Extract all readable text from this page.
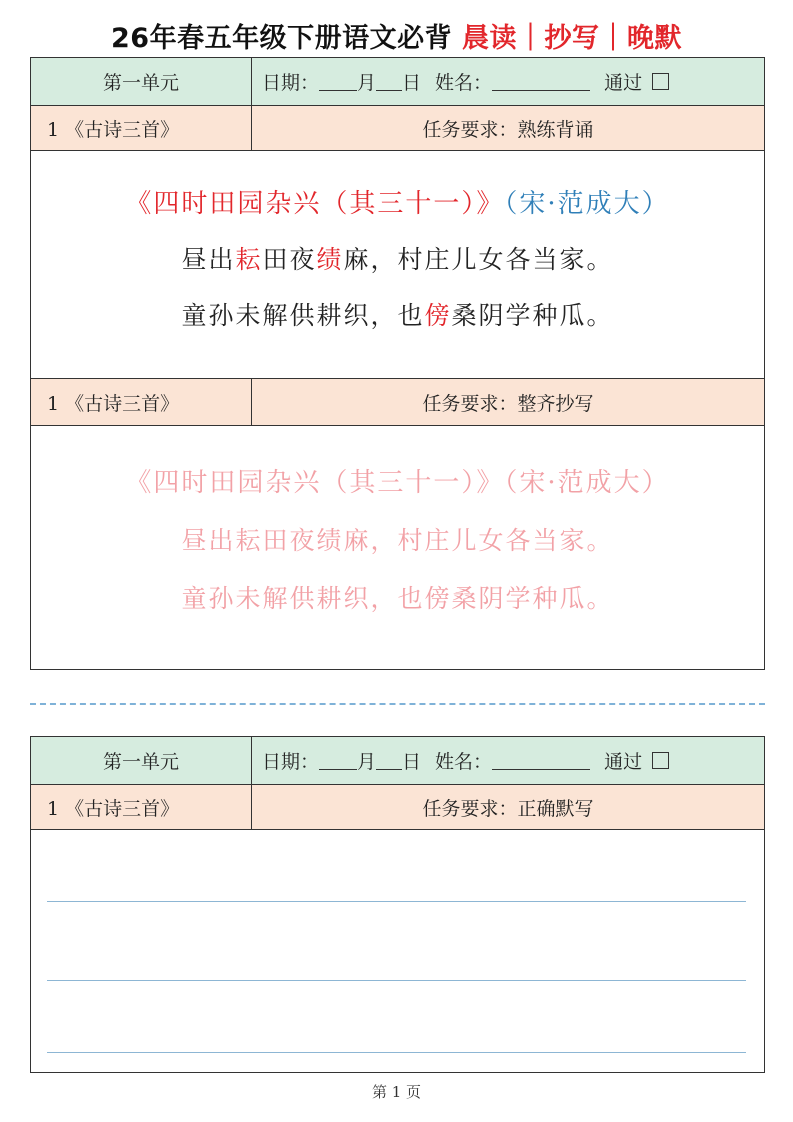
26年春五年级下册语文必背 晨读｜抄写｜晚默
第一单元	日期： 月 日 姓名：	通过
1 《古诗三首》	任务要求：熟练背诵
《四时田园杂兴（其三十一）》（宋·范成大）
昼出耘田夜绩麻，村庄儿女各当家。
童孙未解供耕织，也傍桑阴学种瓜。
1 《古诗三首》	任务要求：整齐抄写
《四时田园杂兴（其三十一）》（宋·范成大）
昼出耘田夜绩麻，村庄儿女各当家。
童孙未解供耕织，也傍桑阴学种瓜。
第一单元	日期： 月 日 姓名：	通过
1 《古诗三首》	任务要求：正确默写
第 1 页
